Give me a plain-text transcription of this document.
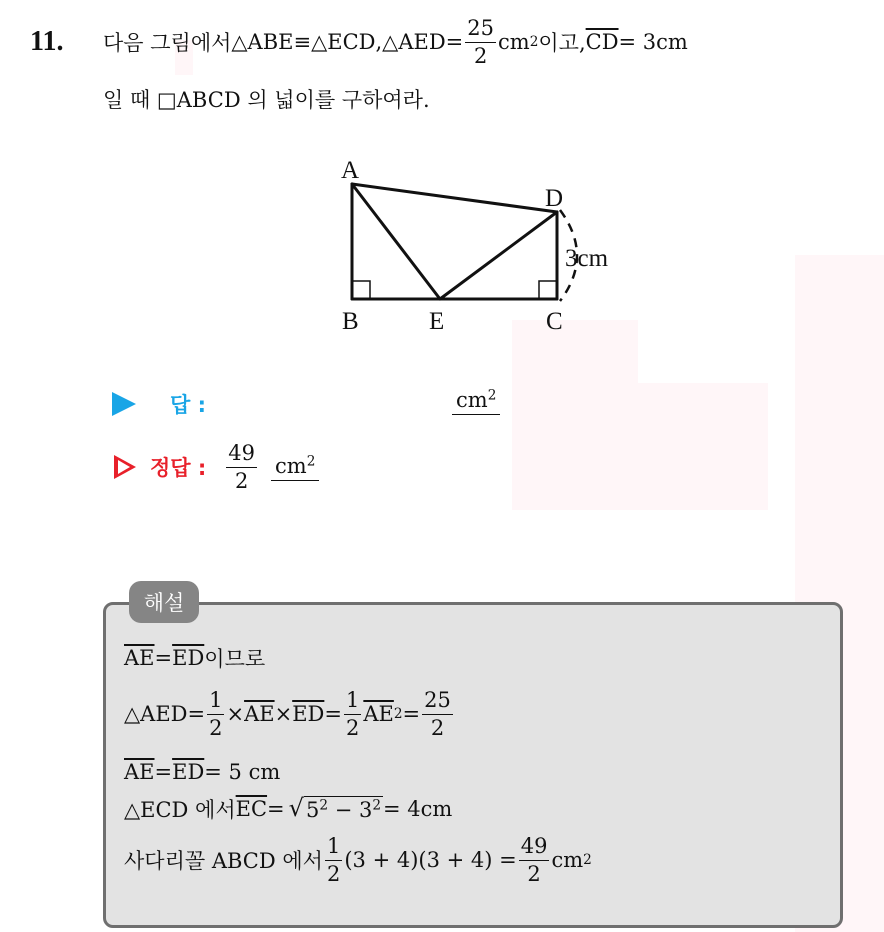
11. 다음 그림에서 △ABE ≡ △ECD , △AED = $\frac{25}{2}$ cm 2 이고, $\overline{CD} = 3cm$
일 때 □ABCD 의 넓이를 구하여라.
A
D
B	E	C
3cm
답 :	$cm^2$
정답 : $\frac{49}{2} cm^2$
해설
$\overline{AE} = \overline{ED}$ 이므로
△AED = $\frac{1}{2} \times \overline{AE} \times \overline{ED} = \frac{1}{2} \overline{AE}$ $2 = \frac{25}{2}$
$\overline{AE} = \overline{ED} = 5$ cm
△ECD 에서 $\overline{EC}$ = √ $5^2 - 3^2 = 4cm$
사다리꼴 ABCD 에서 $\frac{1}{2} (3 + 4)(3 + 4) = \frac{49}{2}$ cm 2
